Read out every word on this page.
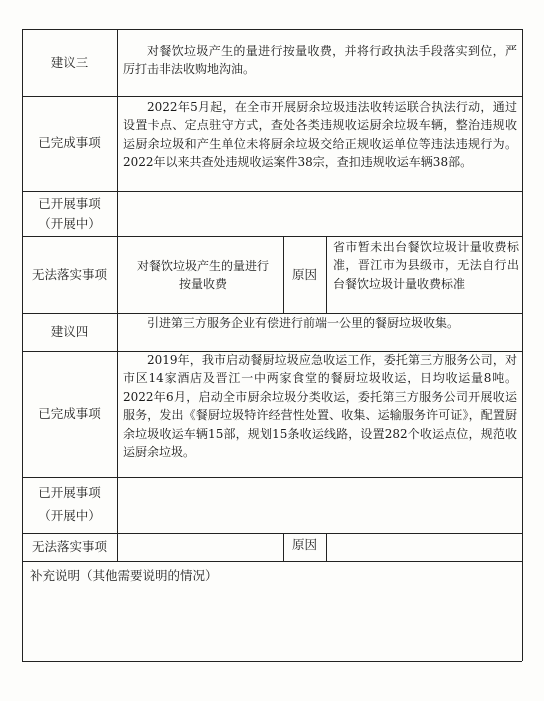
建议三
对餐饮垃圾产生的量进行按量收费，并将行政执法手段落实到位，严厉打击非法收购地沟油。
已完成事项
2022年5月起，在全市开展厨余垃圾违法收转运联合执法行动，通过设置卡点、定点驻守方式，查处各类违规收运厨余垃圾车辆，整治违规收运厨余垃圾和产生单位未将厨余垃圾交给正规收运单位等违法违规行为。2022年以来共查处违规收运案件38宗，查扣违规收运车辆38部。
已开展事项
（开展中）
无法落实事项
对餐饮垃圾产生的量进行按量收费
原因
省市暂未出台餐饮垃圾计量收费标准，晋江市为县级市，无法自行出台餐饮垃圾计量收费标准
建议四
引进第三方服务企业有偿进行前端一公里的餐厨垃圾收集。
已完成事项
2019年，我市启动餐厨垃圾应急收运工作，委托第三方服务公司，对市区14家酒店及晋江一中两家食堂的餐厨垃圾收运，日均收运量8吨。2022年6月，启动全市厨余垃圾分类收运，委托第三方服务公司开展收运服务，发出《餐厨垃圾特许经营性处置、收集、运输服务许可证》，配置厨余垃圾收运车辆15部，规划15条收运线路，设置282个收运点位，规范收运厨余垃圾。
已开展事项
（开展中）
无法落实事项	原因
补充说明（其他需要说明的情况）
